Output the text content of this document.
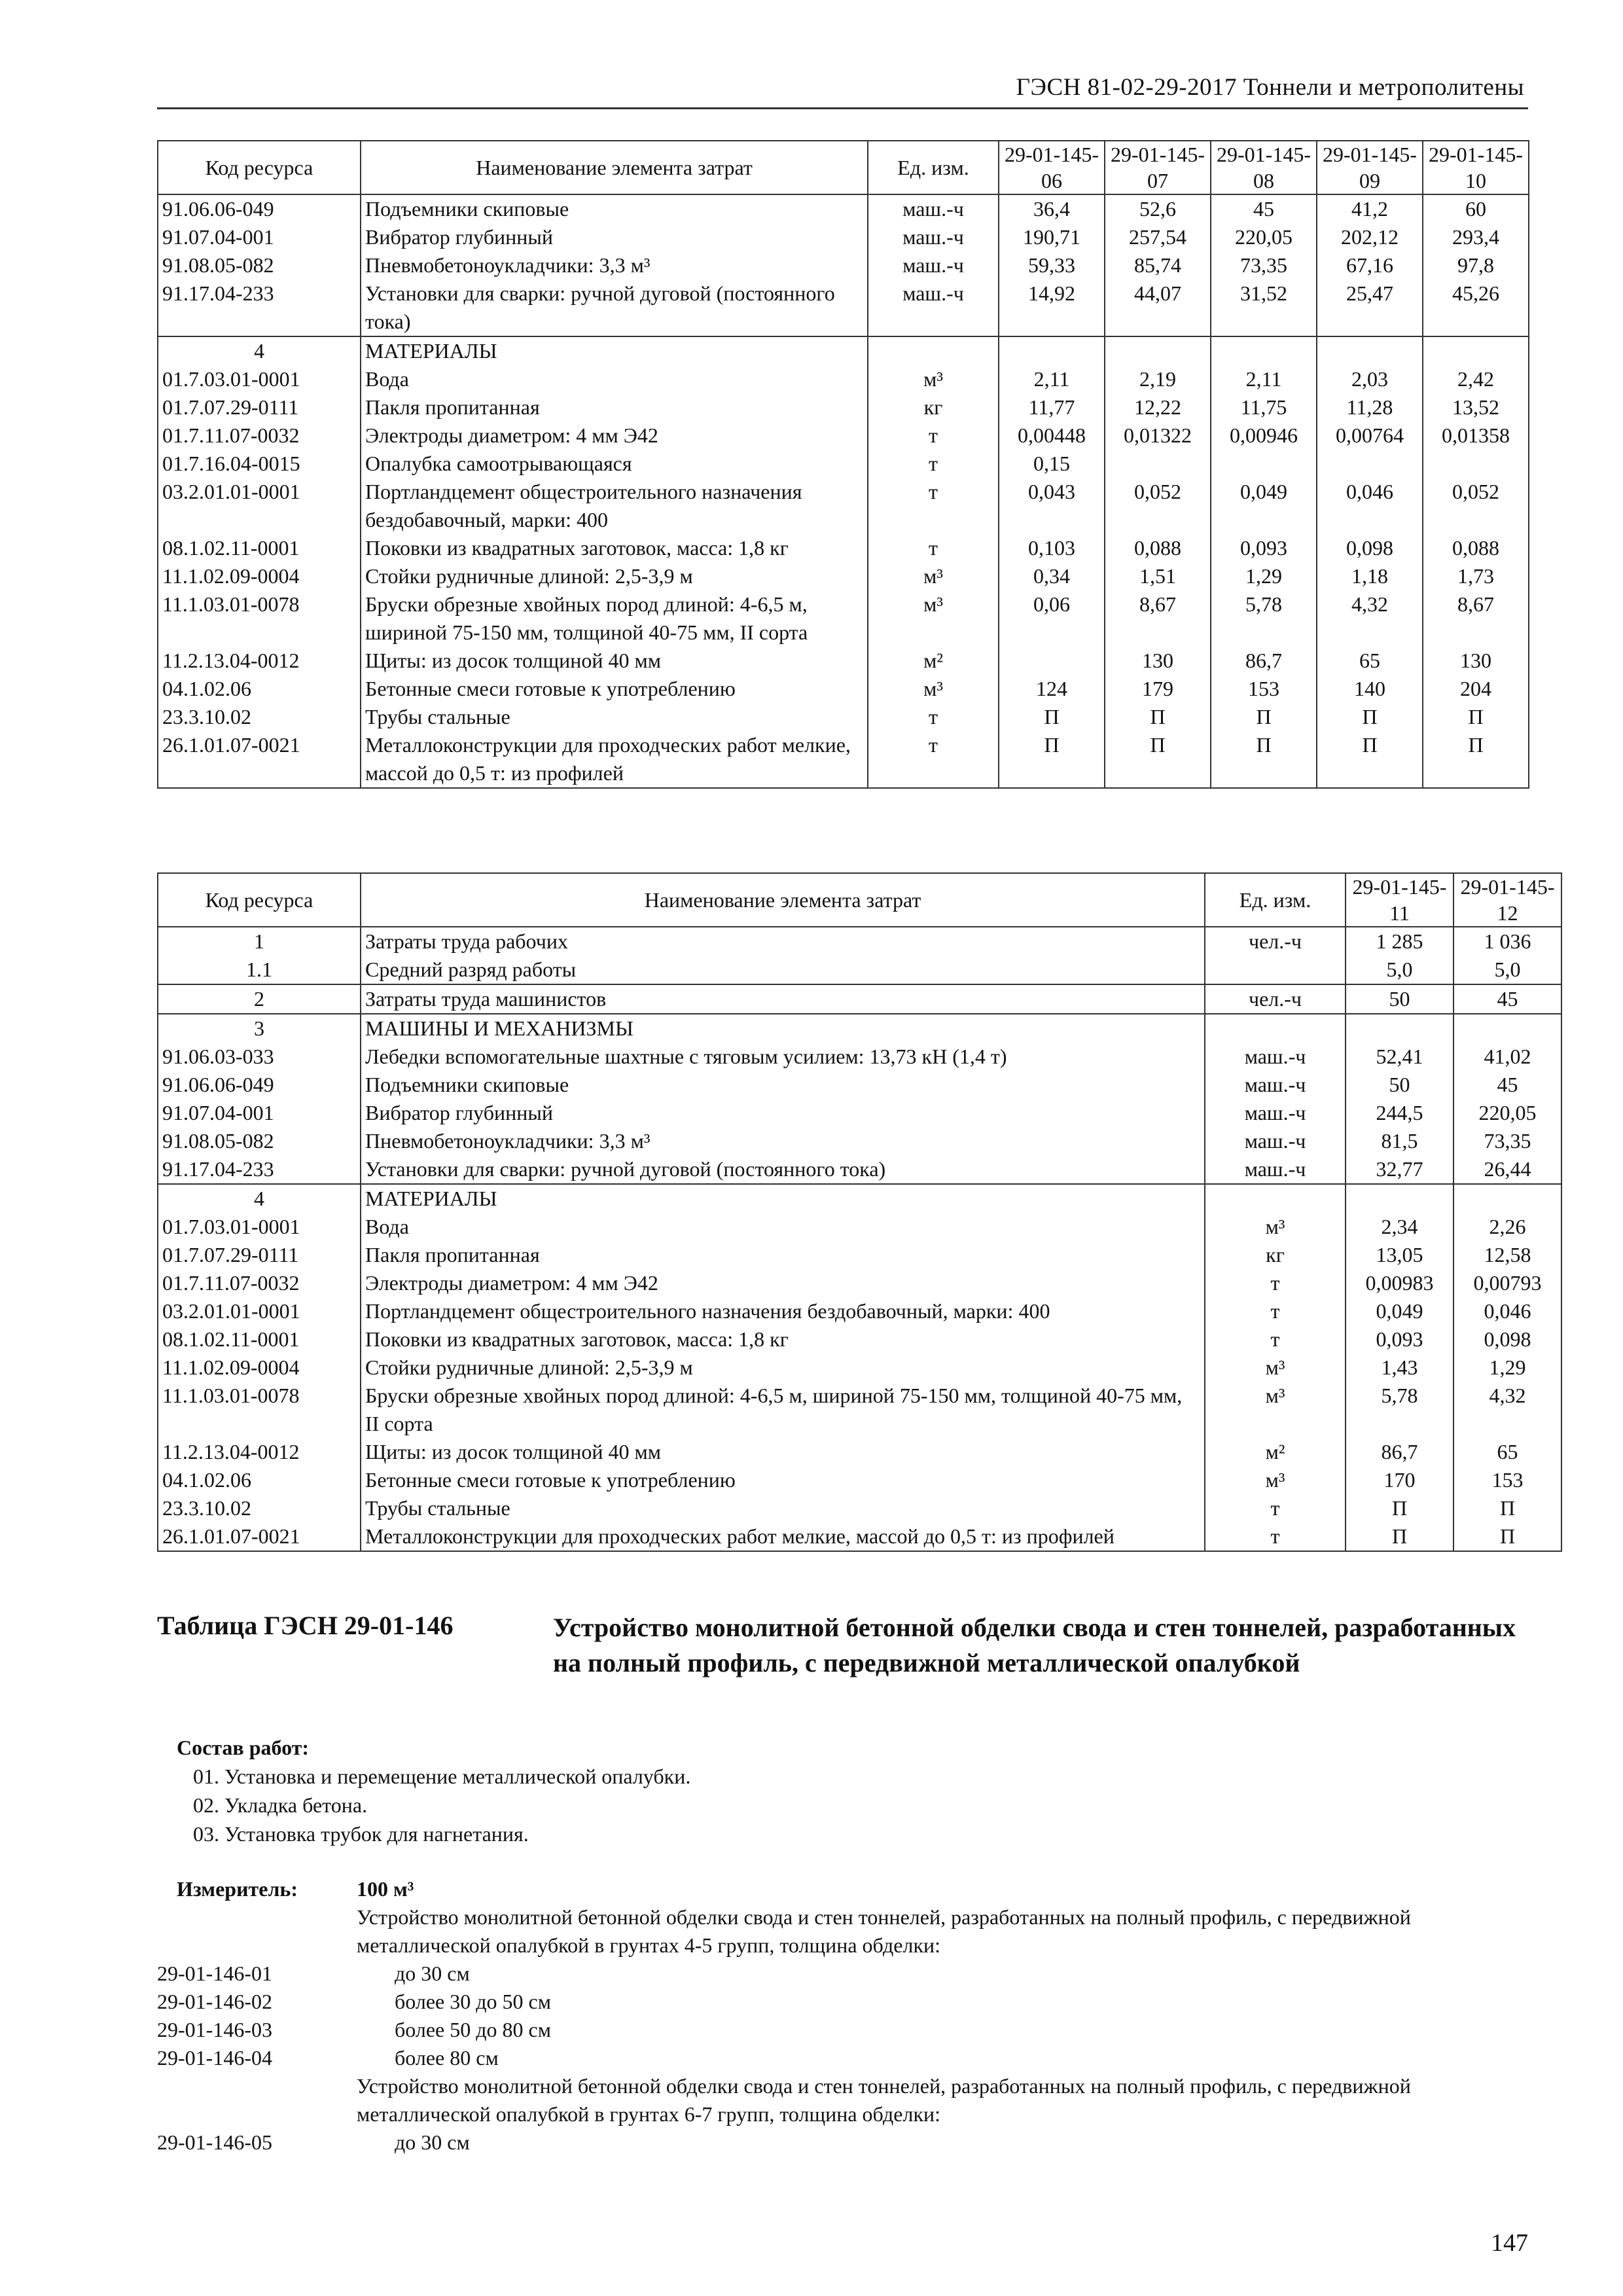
ГЭСН 81-02-29-2017 Тоннели и метрополитены
Код ресурса	Наименование элемента затрат	Ед. изм.	29-01-145-06	29-01-145-07	29-01-145-08	29-01-145-09	29-01-145-10
91.06.06-049	Подъемники скиповые	маш.-ч	36,4	52,6	45	41,2	60
91.07.04-001	Вибратор глубинный	маш.-ч	190,71	257,54	220,05	202,12	293,4
91.08.05-082	Пневмобетоноукладчики: 3,3 м³	маш.-ч	59,33	85,74	73,35	67,16	97,8
91.17.04-233	Установки для сварки: ручной дуговой (постоянного тока)	маш.-ч	14,92	44,07	31,52	25,47	45,26
4	МАТЕРИАЛЫ						
01.7.03.01-0001	Вода	м³	2,11	2,19	2,11	2,03	2,42
01.7.07.29-0111	Пакля пропитанная	кг	11,77	12,22	11,75	11,28	13,52
01.7.11.07-0032	Электроды диаметром: 4 мм Э42	т	0,00448	0,01322	0,00946	0,00764	0,01358
01.7.16.04-0015	Опалубка самоотрывающаяся	т	0,15				
03.2.01.01-0001	Портландцемент общестроительного назначения бездобавочный, марки: 400	т	0,043	0,052	0,049	0,046	0,052
08.1.02.11-0001	Поковки из квадратных заготовок, масса: 1,8 кг	т	0,103	0,088	0,093	0,098	0,088
11.1.02.09-0004	Стойки рудничные длиной: 2,5-3,9 м	м³	0,34	1,51	1,29	1,18	1,73
11.1.03.01-0078	Бруски обрезные хвойных пород длиной: 4-6,5 м, шириной 75-150 мм, толщиной 40-75 мм, II сорта	м³	0,06	8,67	5,78	4,32	8,67
11.2.13.04-0012	Щиты: из досок толщиной 40 мм	м²		130	86,7	65	130
04.1.02.06	Бетонные смеси готовые к употреблению	м³	124	179	153	140	204
23.3.10.02	Трубы стальные	т	П	П	П	П	П
26.1.01.07-0021	Металлоконструкции для проходческих работ мелкие, массой до 0,5 т: из профилей	т	П	П	П	П	П
Код ресурса	Наименование элемента затрат	Ед. изм.	29-01-145-11	29-01-145-12
1	Затраты труда рабочих	чел.-ч	1 285	1 036
1.1	Средний разряд работы		5,0	5,0
2	Затраты труда машинистов	чел.-ч	50	45
3	МАШИНЫ И МЕХАНИЗМЫ			
91.06.03-033	Лебедки вспомогательные шахтные с тяговым усилием: 13,73 кН (1,4 т)	маш.-ч	52,41	41,02
91.06.06-049	Подъемники скиповые	маш.-ч	50	45
91.07.04-001	Вибратор глубинный	маш.-ч	244,5	220,05
91.08.05-082	Пневмобетоноукладчики: 3,3 м³	маш.-ч	81,5	73,35
91.17.04-233	Установки для сварки: ручной дуговой (постоянного тока)	маш.-ч	32,77	26,44
4	МАТЕРИАЛЫ			
01.7.03.01-0001	Вода	м³	2,34	2,26
01.7.07.29-0111	Пакля пропитанная	кг	13,05	12,58
01.7.11.07-0032	Электроды диаметром: 4 мм Э42	т	0,00983	0,00793
03.2.01.01-0001	Портландцемент общестроительного назначения бездобавочный, марки: 400	т	0,049	0,046
08.1.02.11-0001	Поковки из квадратных заготовок, масса: 1,8 кг	т	0,093	0,098
11.1.02.09-0004	Стойки рудничные длиной: 2,5-3,9 м	м³	1,43	1,29
11.1.03.01-0078	Бруски обрезные хвойных пород длиной: 4-6,5 м, шириной 75-150 мм, толщиной 40-75 мм, II сорта	м³	5,78	4,32
11.2.13.04-0012	Щиты: из досок толщиной 40 мм	м²	86,7	65
04.1.02.06	Бетонные смеси готовые к употреблению	м³	170	153
23.3.10.02	Трубы стальные	т	П	П
26.1.01.07-0021	Металлоконструкции для проходческих работ мелкие, массой до 0,5 т: из профилей	т	П	П
Таблица ГЭСН 29-01-146	Устройство монолитной бетонной обделки свода и стен тоннелей, разработанных на полный профиль, с передвижной металлической опалубкой
Состав работ:
01. Установка и перемещение металлической опалубки.
02. Укладка бетона.
03. Установка трубок для нагнетания.
Измеритель:	100 м³
Устройство монолитной бетонной обделки свода и стен тоннелей, разработанных на полный профиль, с передвижной металлической опалубкой в грунтах 4-5 групп, толщина обделки:
29-01-146-01	до 30 см
29-01-146-02	более 30 до 50 см
29-01-146-03	более 50 до 80 см
29-01-146-04	более 80 см
Устройство монолитной бетонной обделки свода и стен тоннелей, разработанных на полный профиль, с передвижной металлической опалубкой в грунтах 6-7 групп, толщина обделки:
29-01-146-05	до 30 см
147
